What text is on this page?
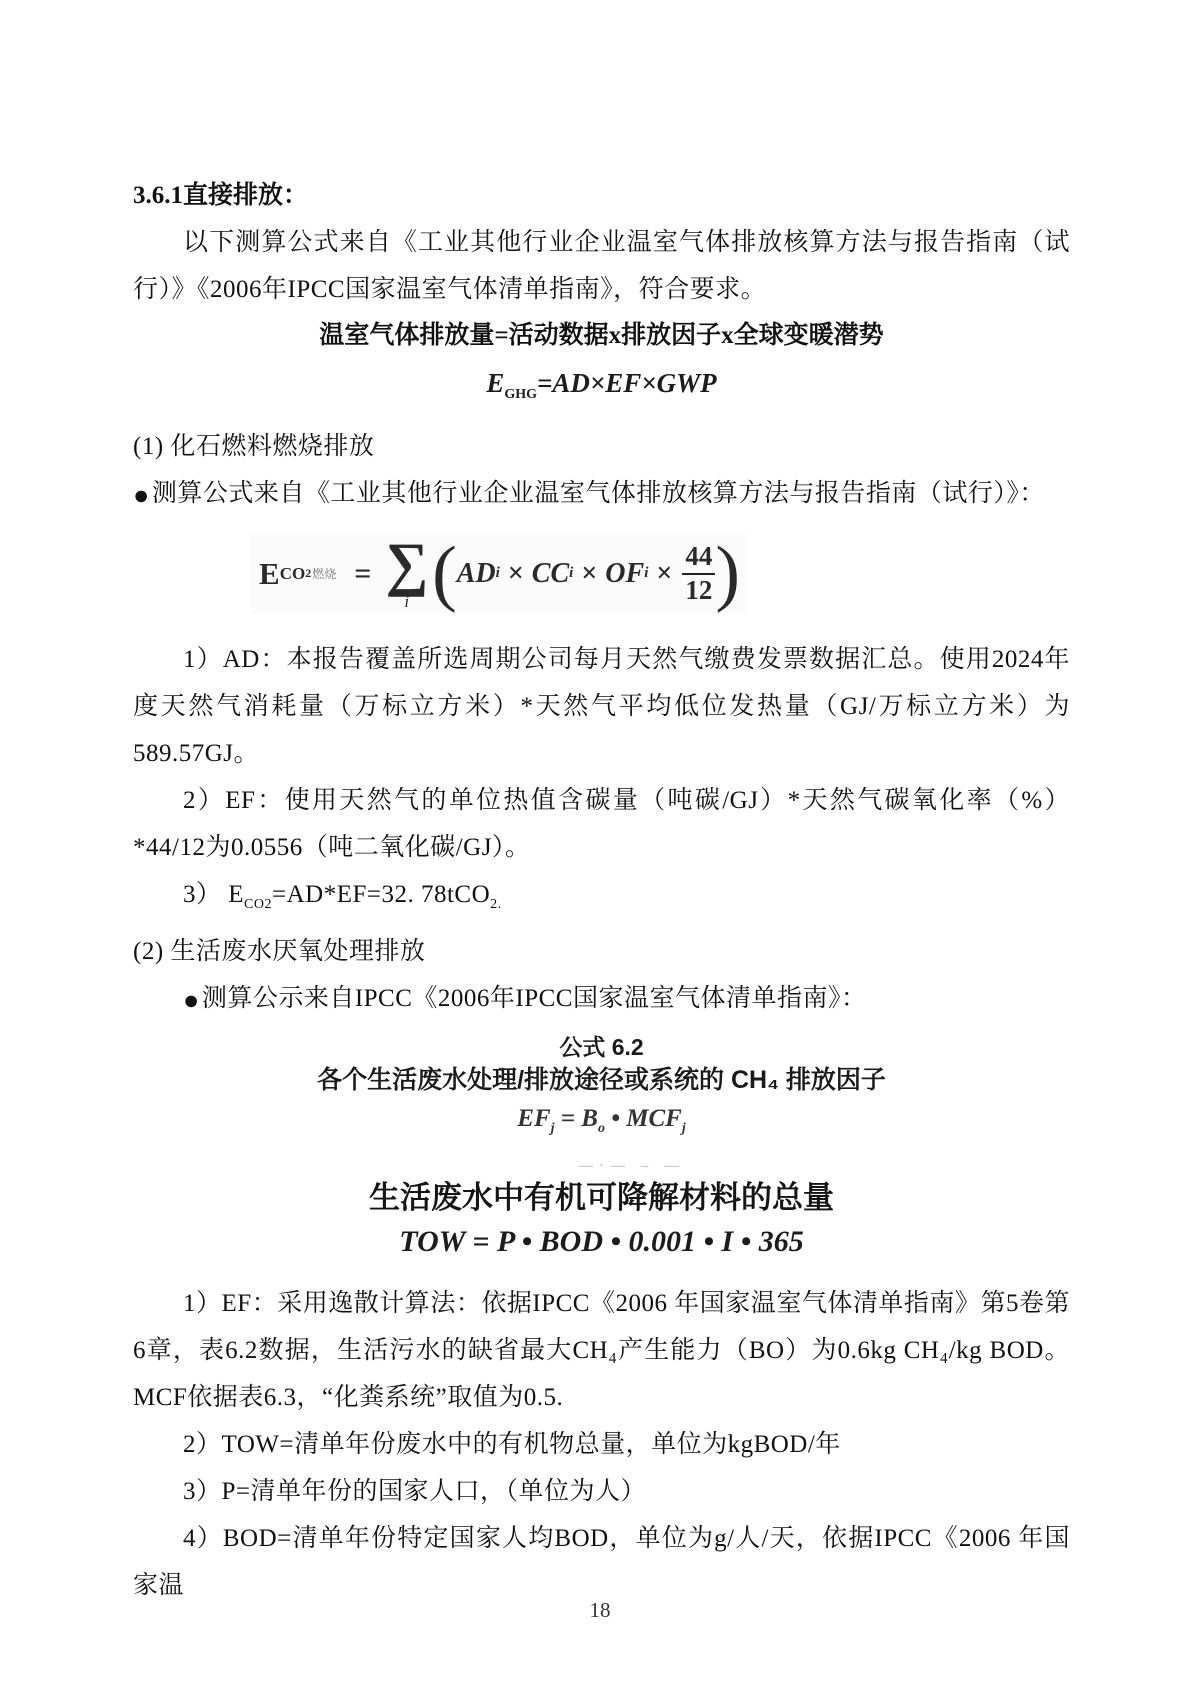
3.6.1直接排放：

以下测算公式来自《工业其他行业企业温室气体排放核算方法与报告指南（试行）》《2006年IPCC国家温室气体清单指南》，符合要求。

温室气体排放量=活动数据x排放因子x全球变暖潜势

$E_{GHG}=AD\times EF\times GWP$

(1) 化石燃料燃烧排放

●测算公式来自《工业其他行业企业温室气体排放核算方法与报告指南（试行）》：

E CO 2 燃烧 = ∑
i ( AD i × CC i × OF $i \times \frac{44}{12}$ )

1）AD：本报告覆盖所选周期公司每月天然气缴费发票数据汇总。使用2024年度天然气消耗量（万标立方米）*天然气平均低位发热量（GJ/万标立方米）为589.57GJ。

2）EF：使用天然气的单位热值含碳量（吨碳/GJ）*天然气碳氧化率（%）*44/12为0.0556（吨二氧化碳/GJ）。

3） $E_{CO2}=AD*EF=32$. 78tCO$_{2.}$

(2) 生活废水厌氧处理排放

●测算公示来自IPCC《2006年IPCC国家温室气体清单指南》：

公式 6.2

各个生活废水处理/排放途径或系统的 CH₄ 排放因子

$EF_j = B_o$ • $MCF_j$

—·— – —

生活废水中有机可降解材料的总量

TOW = P • BOD • 0.001 • I • 365

1）EF：采用逸散计算法：依据IPCC《2006 年国家温室气体清单指南》第5卷第6章，表6.2数据，生活污水的缺省最大CH₄产生能力（BO）为0.6kg CH₄/kg BOD。MCF依据表6.3，“化粪系统”取值为0.5.

2）TOW=清单年份废水中的有机物总量，单位为kgBOD/年

3）P=清单年份的国家人口，（单位为人）

4）BOD=清单年份特定国家人均BOD，单位为g/人/天，依据IPCC《2006 年国家温

18
